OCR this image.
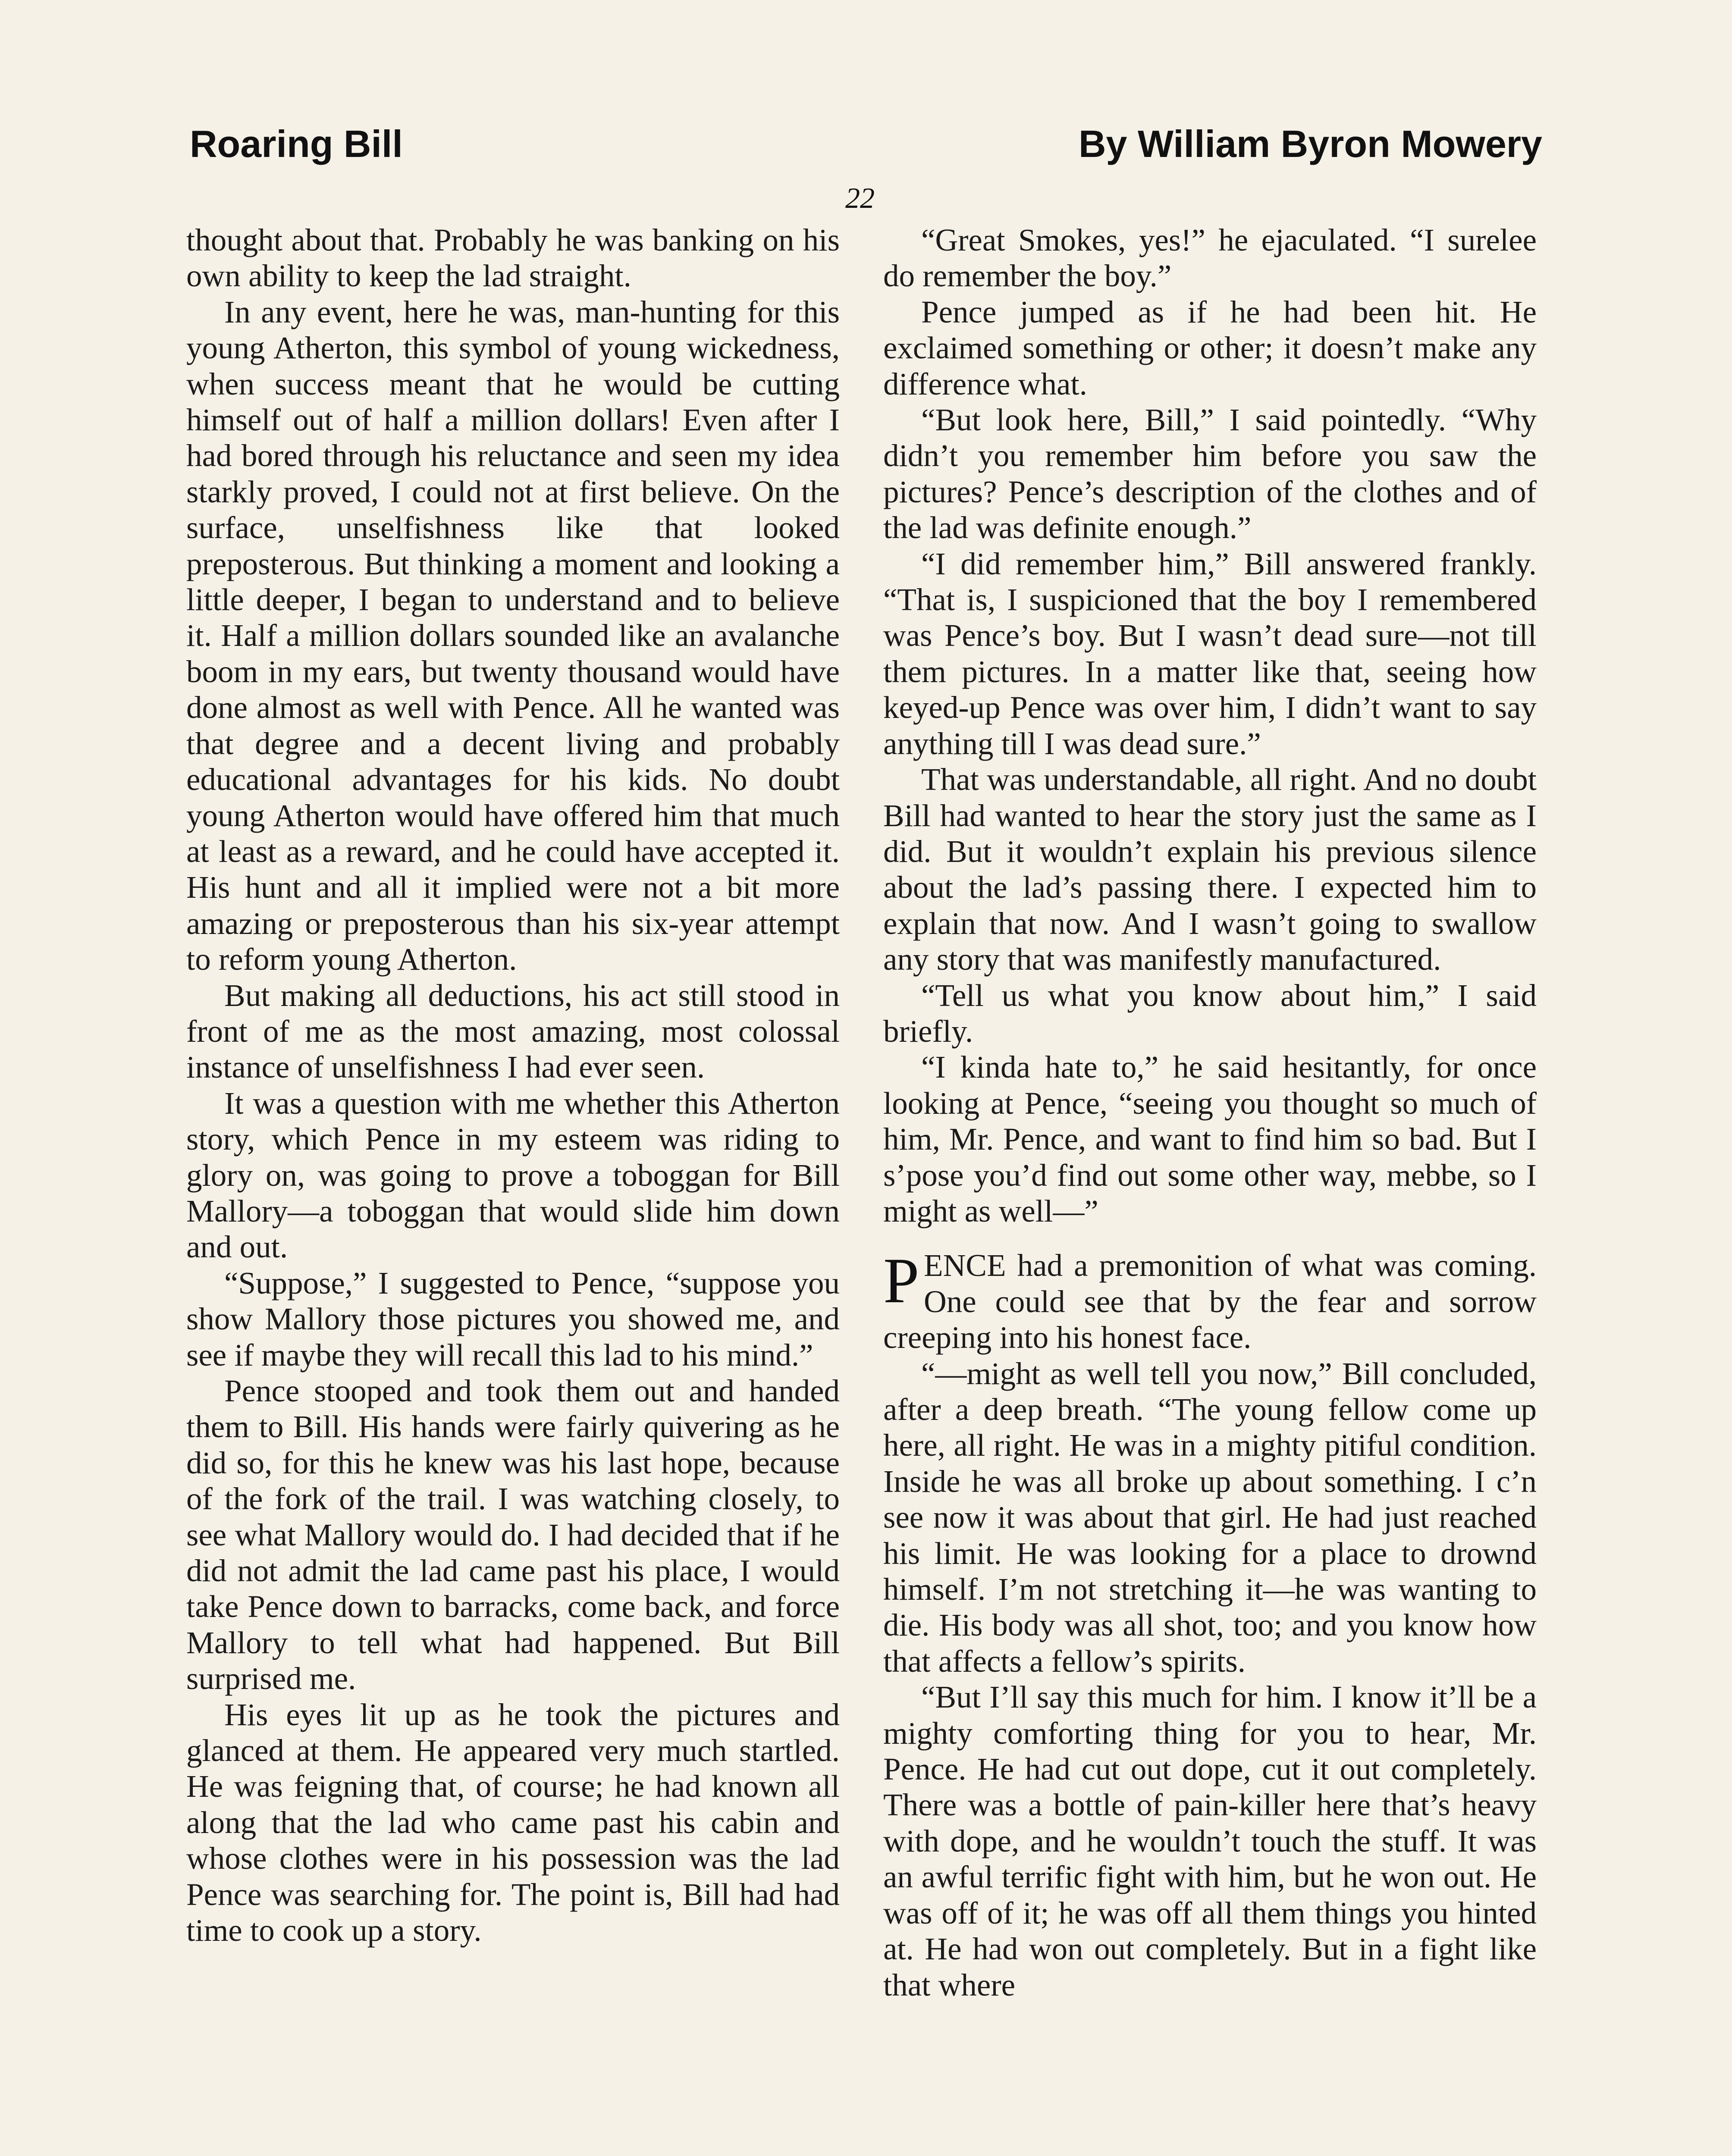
Roaring Bill	By William Byron Mowery
22

thought about that. Probably he was banking on his own ability to keep the lad straight.

In any event, here he was, man-hunting for this young Atherton, this symbol of young wickedness, when success meant that he would be cutting himself out of half a million dollars! Even after I had bored through his reluctance and seen my idea starkly proved, I could not at first believe. On the surface, unselfishness like that looked preposterous. But thinking a moment and looking a little deeper, I began to understand and to believe it. Half a million dollars sounded like an avalanche boom in my ears, but twenty thousand would have done almost as well with Pence. All he wanted was that degree and a decent living and probably educational advantages for his kids. No doubt young Atherton would have offered him that much at least as a reward, and he could have accepted it. His hunt and all it implied were not a bit more amazing or preposterous than his six-year attempt to reform young Atherton.

But making all deductions, his act still stood in front of me as the most amazing, most colossal instance of unselfishness I had ever seen.

It was a question with me whether this Atherton story, which Pence in my esteem was riding to glory on, was going to prove a toboggan for Bill Mallory—a toboggan that would slide him down and out.

“Suppose,” I suggested to Pence, “suppose you show Mallory those pictures you showed me, and see if maybe they will recall this lad to his mind.”

Pence stooped and took them out and handed them to Bill. His hands were fairly quivering as he did so, for this he knew was his last hope, because of the fork of the trail. I was watching closely, to see what Mallory would do. I had decided that if he did not admit the lad came past his place, I would take Pence down to barracks, come back, and force Mallory to tell what had happened. But Bill surprised me.

His eyes lit up as he took the pictures and glanced at them. He appeared very much startled. He was feigning that, of course; he had known all along that the lad who came past his cabin and whose clothes were in his possession was the lad Pence was searching for. The point is, Bill had had time to cook up a story.

“Great Smokes, yes!” he ejaculated. “I surelee do remember the boy.”

Pence jumped as if he had been hit. He exclaimed something or other; it doesn’t make any difference what.

“But look here, Bill,” I said pointedly. “Why didn’t you remember him before you saw the pictures? Pence’s description of the clothes and of the lad was definite enough.”

“I did remember him,” Bill answered frankly. “That is, I suspicioned that the boy I remembered was Pence’s boy. But I wasn’t dead sure—not till them pictures. In a matter like that, seeing how keyed-up Pence was over him, I didn’t want to say anything till I was dead sure.”

That was understandable, all right. And no doubt Bill had wanted to hear the story just the same as I did. But it wouldn’t explain his previous silence about the lad’s passing there. I expected him to explain that now. And I wasn’t going to swallow any story that was manifestly manufactured.

“Tell us what you know about him,” I said briefly.

“I kinda hate to,” he said hesitantly, for once looking at Pence, “seeing you thought so much of him, Mr. Pence, and want to find him so bad. But I s’pose you’d find out some other way, mebbe, so I might as well—”

PENCE had a premonition of what was coming. One could see that by the fear and sorrow creeping into his honest face.

“—might as well tell you now,” Bill concluded, after a deep breath. “The young fellow come up here, all right. He was in a mighty pitiful condition. Inside he was all broke up about something. I c’n see now it was about that girl. He had just reached his limit. He was looking for a place to drownd himself. I’m not stretching it—he was wanting to die. His body was all shot, too; and you know how that affects a fellow’s spirits.

“But I’ll say this much for him. I know it’ll be a mighty comforting thing for you to hear, Mr. Pence. He had cut out dope, cut it out completely. There was a bottle of pain-killer here that’s heavy with dope, and he wouldn’t touch the stuff. It was an awful terrific fight with him, but he won out. He was off of it; he was off all them things you hinted at. He had won out completely. But in a fight like that where
